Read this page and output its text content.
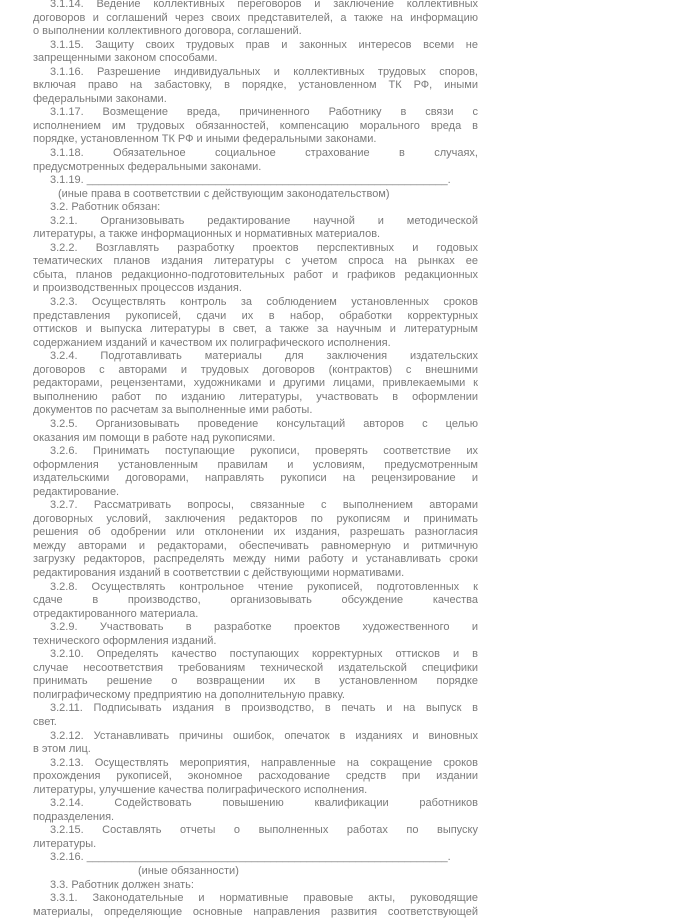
3.1.14. Ведение коллективных переговоров и заключение коллективных
договоров и соглашений через своих представителей, а также на информацию
о выполнении коллективного договора, соглашений.
3.1.15. Защиту своих трудовых прав и законных интересов всеми не
запрещенными законом способами.
3.1.16. Разрешение индивидуальных и коллективных трудовых споров,
включая право на забастовку, в порядке, установленном ТК РФ, иными
федеральными законами.
3.1.17. Возмещение вреда, причиненного Работнику в связи с
исполнением им трудовых обязанностей, компенсацию морального вреда в
порядке, установленном ТК РФ и иными федеральными законами.
3.1.18. Обязательное социальное страхование в случаях,
предусмотренных федеральными законами.
3.1.19. ___________________________________________________________.
(иные права в соответствии с действующим законодательством)
3.2. Работник обязан:
3.2.1. Организовывать редактирование научной и методической
литературы, а также информационных и нормативных материалов.
3.2.2. Возглавлять разработку проектов перспективных и годовых
тематических планов издания литературы с учетом спроса на рынках ее
сбыта, планов редакционно-подготовительных работ и графиков редакционных
и производственных процессов издания.
3.2.3. Осуществлять контроль за соблюдением установленных сроков
представления рукописей, сдачи их в набор, обработки корректурных
оттисков и выпуска литературы в свет, а также за научным и литературным
содержанием изданий и качеством их полиграфического исполнения.
3.2.4. Подготавливать материалы для заключения издательских
договоров с авторами и трудовых договоров (контрактов) с внешними
редакторами, рецензентами, художниками и другими лицами, привлекаемыми к
выполнению работ по изданию литературы, участвовать в оформлении
документов по расчетам за выполненные ими работы.
3.2.5. Организовывать проведение консультаций авторов с целью
оказания им помощи в работе над рукописями.
3.2.6. Принимать поступающие рукописи, проверять соответствие их
оформления установленным правилам и условиям, предусмотренным
издательскими договорами, направлять рукописи на рецензирование и
редактирование.
3.2.7. Рассматривать вопросы, связанные с выполнением авторами
договорных условий, заключения редакторов по рукописям и принимать
решения об одобрении или отклонении их издания, разрешать разногласия
между авторами и редакторами, обеспечивать равномерную и ритмичную
загрузку редакторов, распределять между ними работу и устанавливать сроки
редактирования изданий в соответствии с действующими нормативами.
3.2.8. Осуществлять контрольное чтение рукописей, подготовленных к
сдаче в производство, организовывать обсуждение качества
отредактированного материала.
3.2.9. Участвовать в разработке проектов художественного и
технического оформления изданий.
3.2.10. Определять качество поступающих корректурных оттисков и в
случае несоответствия требованиям технической издательской специфики
принимать решение о возвращении их в установленном порядке
полиграфическому предприятию на дополнительную правку.
3.2.11. Подписывать издания в производство, в печать и на выпуск в
свет.
3.2.12. Устанавливать причины ошибок, опечаток в изданиях и виновных
в этом лиц.
3.2.13. Осуществлять мероприятия, направленные на сокращение сроков
прохождения рукописей, экономное расходование средств при издании
литературы, улучшение качества полиграфического исполнения.
3.2.14. Содействовать повышению квалификации работников
подразделения.
3.2.15. Составлять отчеты о выполненных работах по выпуску
литературы.
3.2.16. ___________________________________________________________.
(иные обязанности)
3.3. Работник должен знать:
3.3.1. Законодательные и нормативные правовые акты, руководящие
материалы, определяющие основные направления развития соответствующей
